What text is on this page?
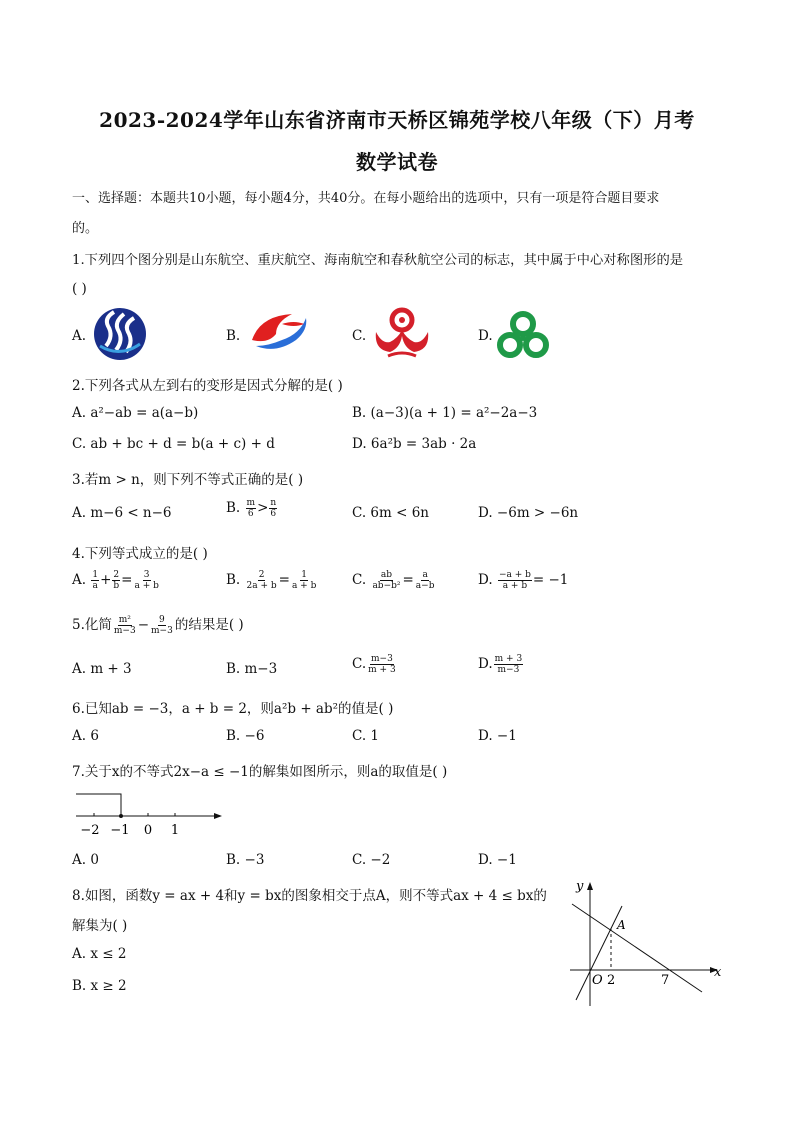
2023-2024学年山东省济南市天桥区锦苑学校八年级（下）月考
数学试卷
一、选择题：本题共10小题，每小题4分，共40分。在每小题给出的选项中，只有一项是符合题目要求
的。
1.下列四个图分别是山东航空、重庆航空、海南航空和春秋航空公司的标志，其中属于中心对称图形的是
( )
A.	B.	C.	D.
2.下列各式从左到右的变形是因式分解的是( )
A. a²−ab = a(a−b)	B. (a−3)(a + 1) = a²−2a−3
C. ab + bc + d = b(a + c) + d	D. 6a²b = 3ab · 2a
3.若m > n，则下列不等式正确的是( )
A. m−6 < n−6	B. $\frac{m}{6} > \frac{n}{6}$	C. 6m < 6n	D. −6m > −6n
4.下列等式成立的是( )
A. $\frac{1}{a} + \frac{2}{b} = \frac{3}{a + b}$	B. $\frac{2}{2a + b} = \frac{1}{a + b}$	C. $\frac{ab}{\text{ab−b²}} = \frac{a}{a-b}$	D. $\frac{-a + b}{a + b} = -1$
5.化简 $\frac{\text{m²}}{m-3} - \frac{9}{m-3}$ 的结果是( )
A. m + 3	B. m−3	C. $\frac{m-3}{m + 3}$	D. $\frac{m + 3}{m-3}$
6.已知ab = −3，a + b = 2，则a²b + ab²的值是( )
A. 6	B. −6	C. 1	D. −1
7.关于x的不等式2x−a ≤ −1的解集如图所示，则a的取值是( )
−2 −1 0 1
A. 0	B. −3	C. −2	D. −1
8.如图，函数y = ax + 4和y = bx的图象相交于点A，则不等式ax + 4 ≤ bx的
解集为( )
A. x ≤ 2
B. x ≥ 2
y
x
O
A
2	7
